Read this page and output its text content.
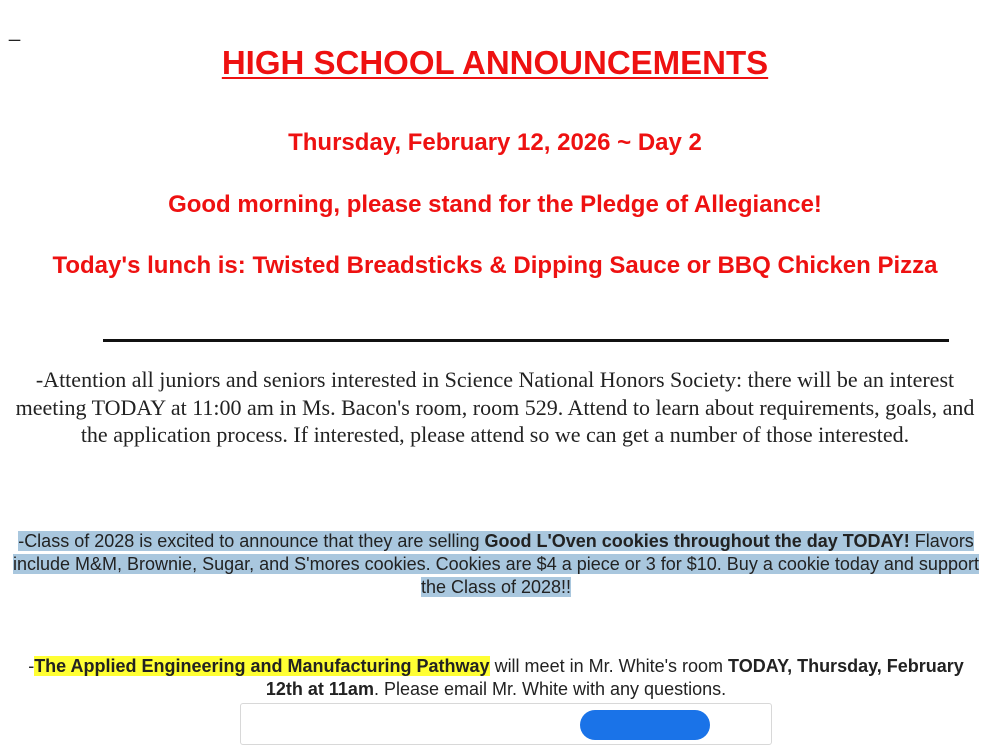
_
HIGH SCHOOL ANNOUNCEMENTS
Thursday, February 12, 2026 ~ Day 2
Good morning, please stand for the Pledge of Allegiance!
Today's lunch is: Twisted Breadsticks & Dipping Sauce or BBQ Chicken Pizza
-Attention all juniors and seniors interested in Science National Honors Society: there will be an interest meeting TODAY at 11:00 am in Ms. Bacon's room, room 529. Attend to learn about requirements, goals, and the application process. If interested, please attend so we can get a number of those interested.
-Class of 2028 is excited to announce that they are selling Good L'Oven cookies throughout the day TODAY! Flavors include M&M, Brownie, Sugar, and S'mores cookies. Cookies are $4 a piece or 3 for $10. Buy a cookie today and support the Class of 2028!!
-The Applied Engineering and Manufacturing Pathway will meet in Mr. White's room TODAY, Thursday, February 12th at 11am. Please email Mr. White with any questions.
